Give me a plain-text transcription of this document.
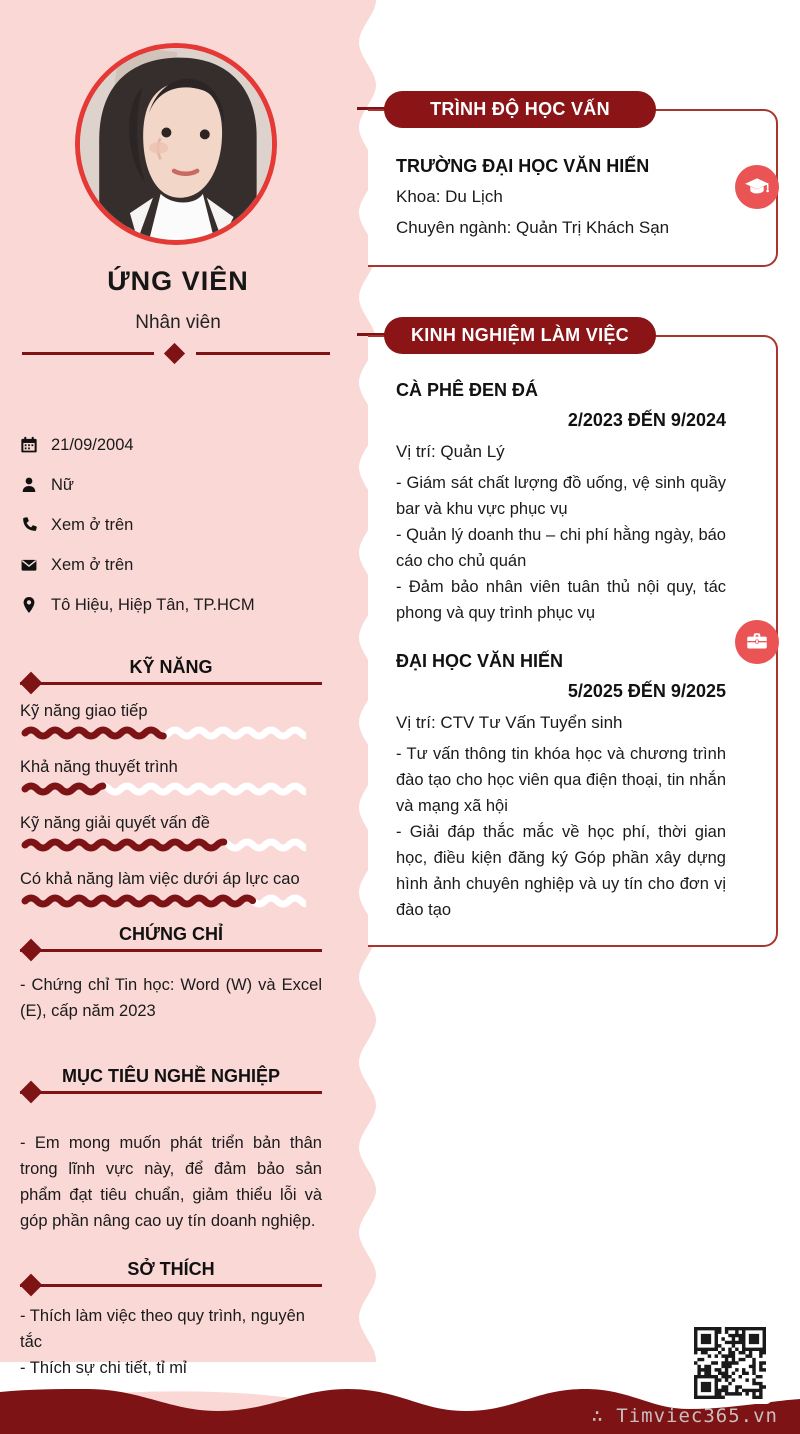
ỨNG VIÊN
Nhân viên
21/09/2004
Nữ
Xem ở trên
Xem ở trên
Tô Hiệu, Hiệp Tân, TP.HCM
KỸ NĂNG
Kỹ năng giao tiếp
Khả năng thuyết trình
Kỹ năng giải quyết vấn đề
Có khả năng làm việc dưới áp lực cao
CHỨNG CHỈ

- Chứng chỉ Tin học: Word (W) và Excel (E), cấp năm 2023

MỤC TIÊU NGHỀ NGHIỆP

- Em mong muốn phát triển bản thân trong lĩnh vực này, để đảm bảo sản phẩm đạt tiêu chuẩn, giảm thiểu lỗi và góp phần nâng cao uy tín doanh nghiệp.

SỞ THÍCH
- Thích làm việc theo quy trình, nguyên tắc
- Thích sự chi tiết, tỉ mỉ

TRƯỜNG ĐẠI HỌC VĂN HIẾN

Khoa: Du Lịch

Chuyên ngành: Quản Trị Khách Sạn

TRÌNH ĐỘ HỌC VẤN

CÀ PHÊ ĐEN ĐÁ

2/2023 ĐẾN 9/2024

Vị trí: Quản Lý

- Giám sát chất lượng đồ uống, vệ sinh quầy bar và khu vực phục vụ

- Quản lý doanh thu – chi phí hằng ngày, báo cáo cho chủ quán

- Đảm bảo nhân viên tuân thủ nội quy, tác phong và quy trình phục vụ

ĐẠI HỌC VĂN HIẾN

5/2025 ĐẾN 9/2025

Vị trí: CTV Tư Vấn Tuyển sinh

- Tư vấn thông tin khóa học và chương trình đào tạo cho học viên qua điện thoại, tin nhắn và mạng xã hội

- Giải đáp thắc mắc về học phí, thời gian học, điều kiện đăng ký Góp phần xây dựng hình ảnh chuyên nghiệp và uy tín cho đơn vị đào tạo

KINH NGHIỆM LÀM VIỆC
∴ Timviec365.vn
